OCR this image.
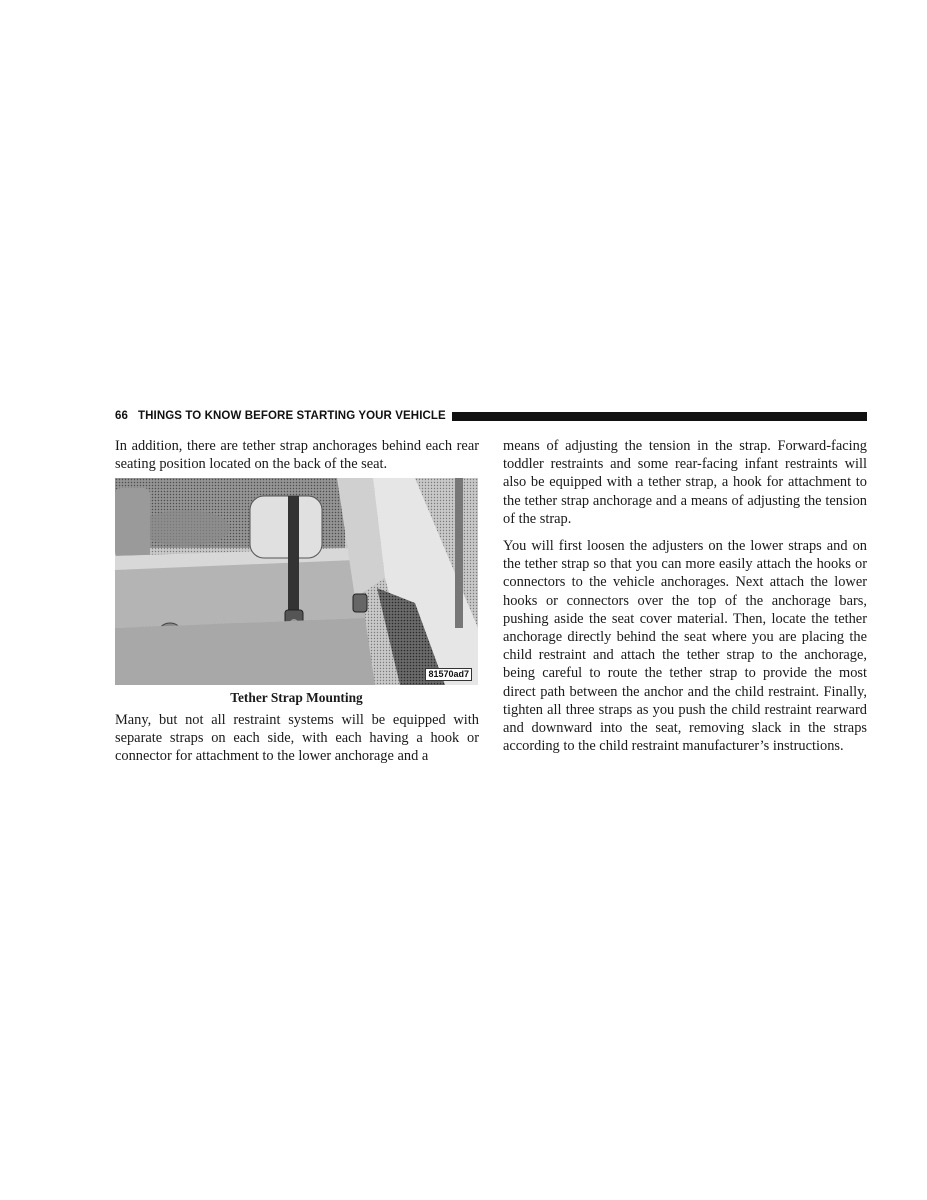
66 THINGS TO KNOW BEFORE STARTING YOUR VEHICLE

In addition, there are tether strap anchorages behind each rear seating position located on the back of the seat.

81570ad7
Tether Strap Mounting

Many, but not all restraint systems will be equipped with separate straps on each side, with each having a hook or connector for attachment to the lower anchorage and a

means of adjusting the tension in the strap. Forward-facing toddler restraints and some rear-facing infant restraints will also be equipped with a tether strap, a hook for attachment to the tether strap anchorage and a means of adjusting the tension of the strap.

You will first loosen the adjusters on the lower straps and on the tether strap so that you can more easily attach the hooks or connectors to the vehicle anchorages. Next attach the lower hooks or connectors over the top of the anchorage bars, pushing aside the seat cover material. Then, locate the tether anchorage directly behind the seat where you are placing the child restraint and attach the tether strap to the anchorage, being careful to route the tether strap to provide the most direct path between the anchor and the child restraint. Finally, tighten all three straps as you push the child restraint rearward and downward into the seat, removing slack in the straps according to the child restraint manufacturer’s instructions.
